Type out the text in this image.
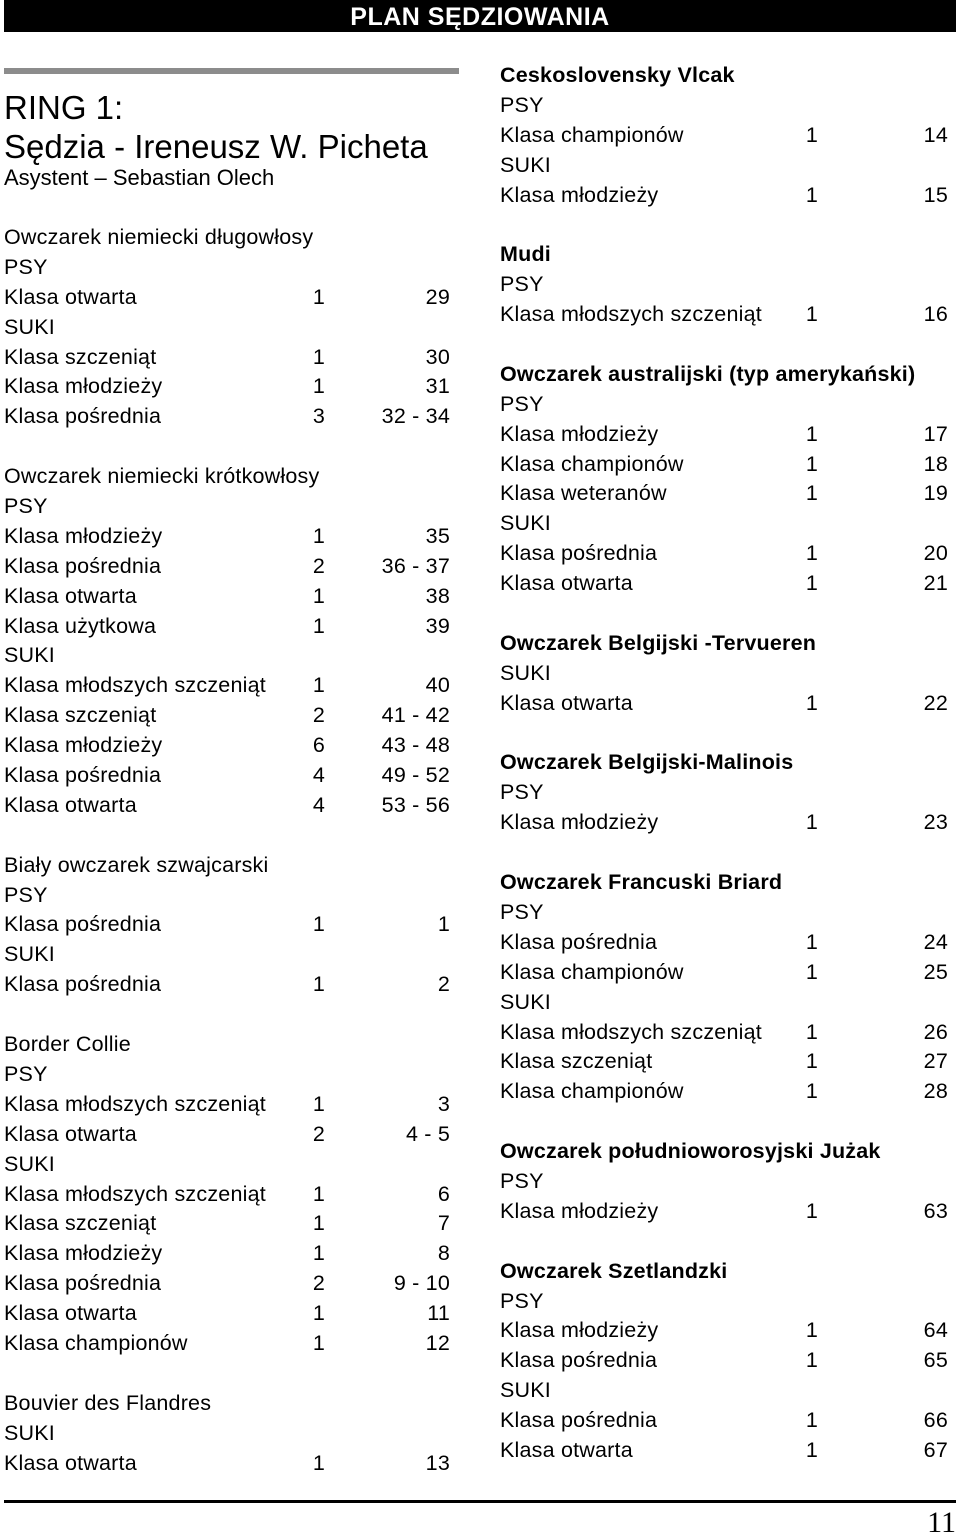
PLAN SĘDZIOWANIA
RING 1:
Sędzia - Ireneusz W. Picheta
Asystent – Sebastian Olech
Owczarek niemiecki długowłosy
PSY
Klasa otwarta	1	29
SUKI
Klasa szczeniąt	1	30
Klasa młodzieży	1	31
Klasa pośrednia	3	32 - 34
Owczarek niemiecki krótkowłosy
PSY
Klasa młodzieży	1	35
Klasa pośrednia	2	36 - 37
Klasa otwarta	1	38
Klasa użytkowa	1	39
SUKI
Klasa młodszych szczeniąt 1	40
Klasa szczeniąt	2	41 - 42
Klasa młodzieży	6	43 - 48
Klasa pośrednia	4	49 - 52
Klasa otwarta	4	53 - 56
Biały owczarek szwajcarski
PSY
Klasa pośrednia	1	1
SUKI
Klasa pośrednia	1	2
Border Collie
PSY
Klasa młodszych szczeniąt 1	3
Klasa otwarta	2	4 - 5
SUKI
Klasa młodszych szczeniąt 1	6
Klasa szczeniąt	1	7
Klasa młodzieży	1	8
Klasa pośrednia	2	9 - 10
Klasa otwarta	1	11
Klasa championów	1	12
Bouvier des Flandres
SUKI
Klasa otwarta	1	13
Ceskoslovensky Vlcak
PSY
Klasa championów	1	14
SUKI
Klasa młodzieży	1	15
Mudi
PSY
Klasa młodszych szczeniąt 1	16
Owczarek australijski (typ amerykański)
PSY
Klasa młodzieży	1	17
Klasa championów	1	18
Klasa weteranów	1	19
SUKI
Klasa pośrednia	1	20
Klasa otwarta	1	21
Owczarek Belgijski -Tervueren
SUKI
Klasa otwarta	1	22
Owczarek Belgijski-Malinois
PSY
Klasa młodzieży	1	23
Owczarek Francuski Briard
PSY
Klasa pośrednia	1	24
Klasa championów	1	25
SUKI
Klasa młodszych szczeniąt 1	26
Klasa szczeniąt	1	27
Klasa championów	1	28
Owczarek południoworosyjski Jużak
PSY
Klasa młodzieży	1	63
Owczarek Szetlandzki
PSY
Klasa młodzieży	1	64
Klasa pośrednia	1	65
SUKI
Klasa pośrednia	1	66
Klasa otwarta	1	67
11
